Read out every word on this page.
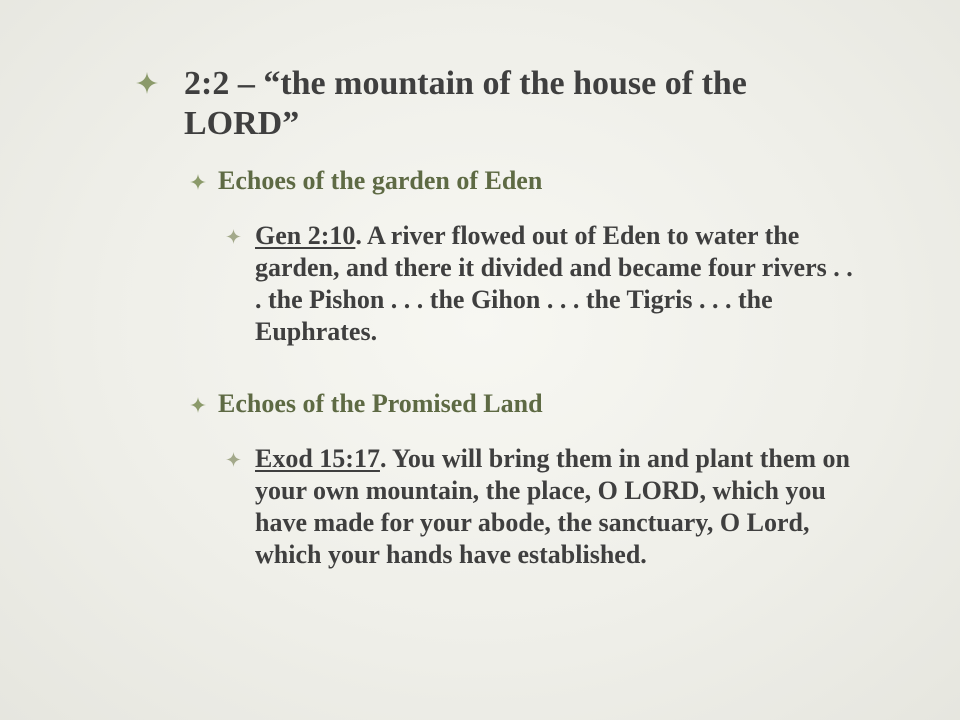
2:2 – “the mountain of the house of the LORD”
Echoes of the garden of Eden
Gen 2:10. A river flowed out of Eden to water the garden, and there it divided and became four rivers . . . the Pishon . . . the Gihon . . . the Tigris . . . the Euphrates.
Echoes of the Promised Land
Exod 15:17. You will bring them in and plant them on your own mountain, the place, O LORD, which you have made for your abode, the sanctuary, O Lord, which your hands have established.
